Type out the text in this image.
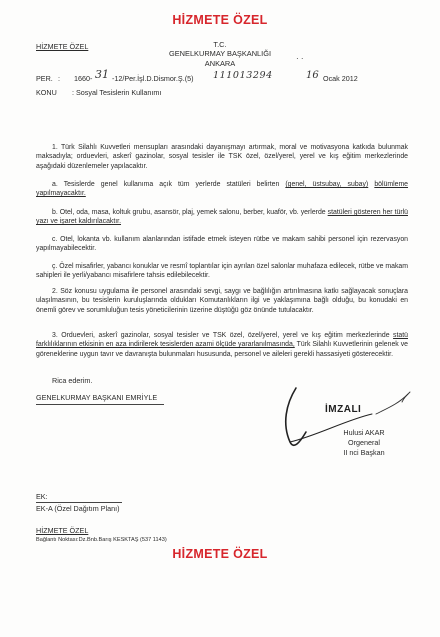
HİZMETE ÖZEL
HİZMETE ÖZEL	T.C.
GENELKURMAY BAŞKANLIĞI
ANKARA
· ·
PER. : 1660- 31 -12/Per.İşl.D.Dismor.Ş.(5) 111013294	16 Ocak 2012
KONU : Sosyal Tesislerin Kullanımı
1. Türk Silahlı Kuvvetleri mensupları arasındaki dayanışmayı artırmak, moral ve motivasyona katkıda bulunmak maksadıyla; orduevleri, askerî gazinolar, sosyal tesisler ile TSK özel, özel/yerel, yerel ve kış eğitim merkezlerinde aşağıdaki düzenlemeler yapılacaktır.
a. Tesislerde genel kullanıma açık tüm yerlerde statüleri belirten (genel, üstsubay, subay) bölümleme yapılmayacaktır.
b. Otel, oda, masa, koltuk grubu, asansör, plaj, yemek salonu, berber, kuaför, vb. yerlerde statüleri gösteren her türlü yazı ve işaret kaldırılacaktır.
c. Otel, lokanta vb. kullanım alanlarından istifade etmek isteyen rütbe ve makam sahibi personel için rezervasyon yapılmayabilecektir.
ç. Özel misafirler, yabancı konuklar ve resmî toplantılar için ayrılan özel salonlar muhafaza edilecek, rütbe ve makam sahipleri ile yerli/yabancı misafirlere tahsis edilebilecektir.
2. Söz konusu uygulama ile personel arasındaki sevgi, saygı ve bağlılığın artırılmasına katkı sağlayacak sonuçlara ulaşılmasının, bu tesislerin kuruluşlarında oldukları Komutanlıkların ilgi ve yaklaşımına bağlı olduğu, bu konudaki en önemli görev ve sorumluluğun tesis yöneticilerinin üzerine düştüğü göz önünde tutulacaktır.
3. Orduevleri, askerî gazinolar, sosyal tesisler ve TSK özel, özel/yerel, yerel ve kış eğitim merkezlerinde statü farklılıklarının etkisinin en aza indirilerek tesislerden azami ölçüde yararlanılmasında, Türk Silahlı Kuvvetlerinin gelenek ve göreneklerine uygun tavır ve davranışta bulunmaları hususunda, personel ve aileleri gerekli hassasiyeti gösterecektir.
Rica ederim.
GENELKURMAY BAŞKANI EMRİYLE
İMZALI
Hulusi AKAR
Orgeneral
II nci Başkan
EK:
EK-A (Özel Dağıtım Planı)
HİZMETE ÖZEL
Bağlantı Noktası:Dz.Bnb.Barış KESKTAŞ (537 1143)
HİZMETE ÖZEL
